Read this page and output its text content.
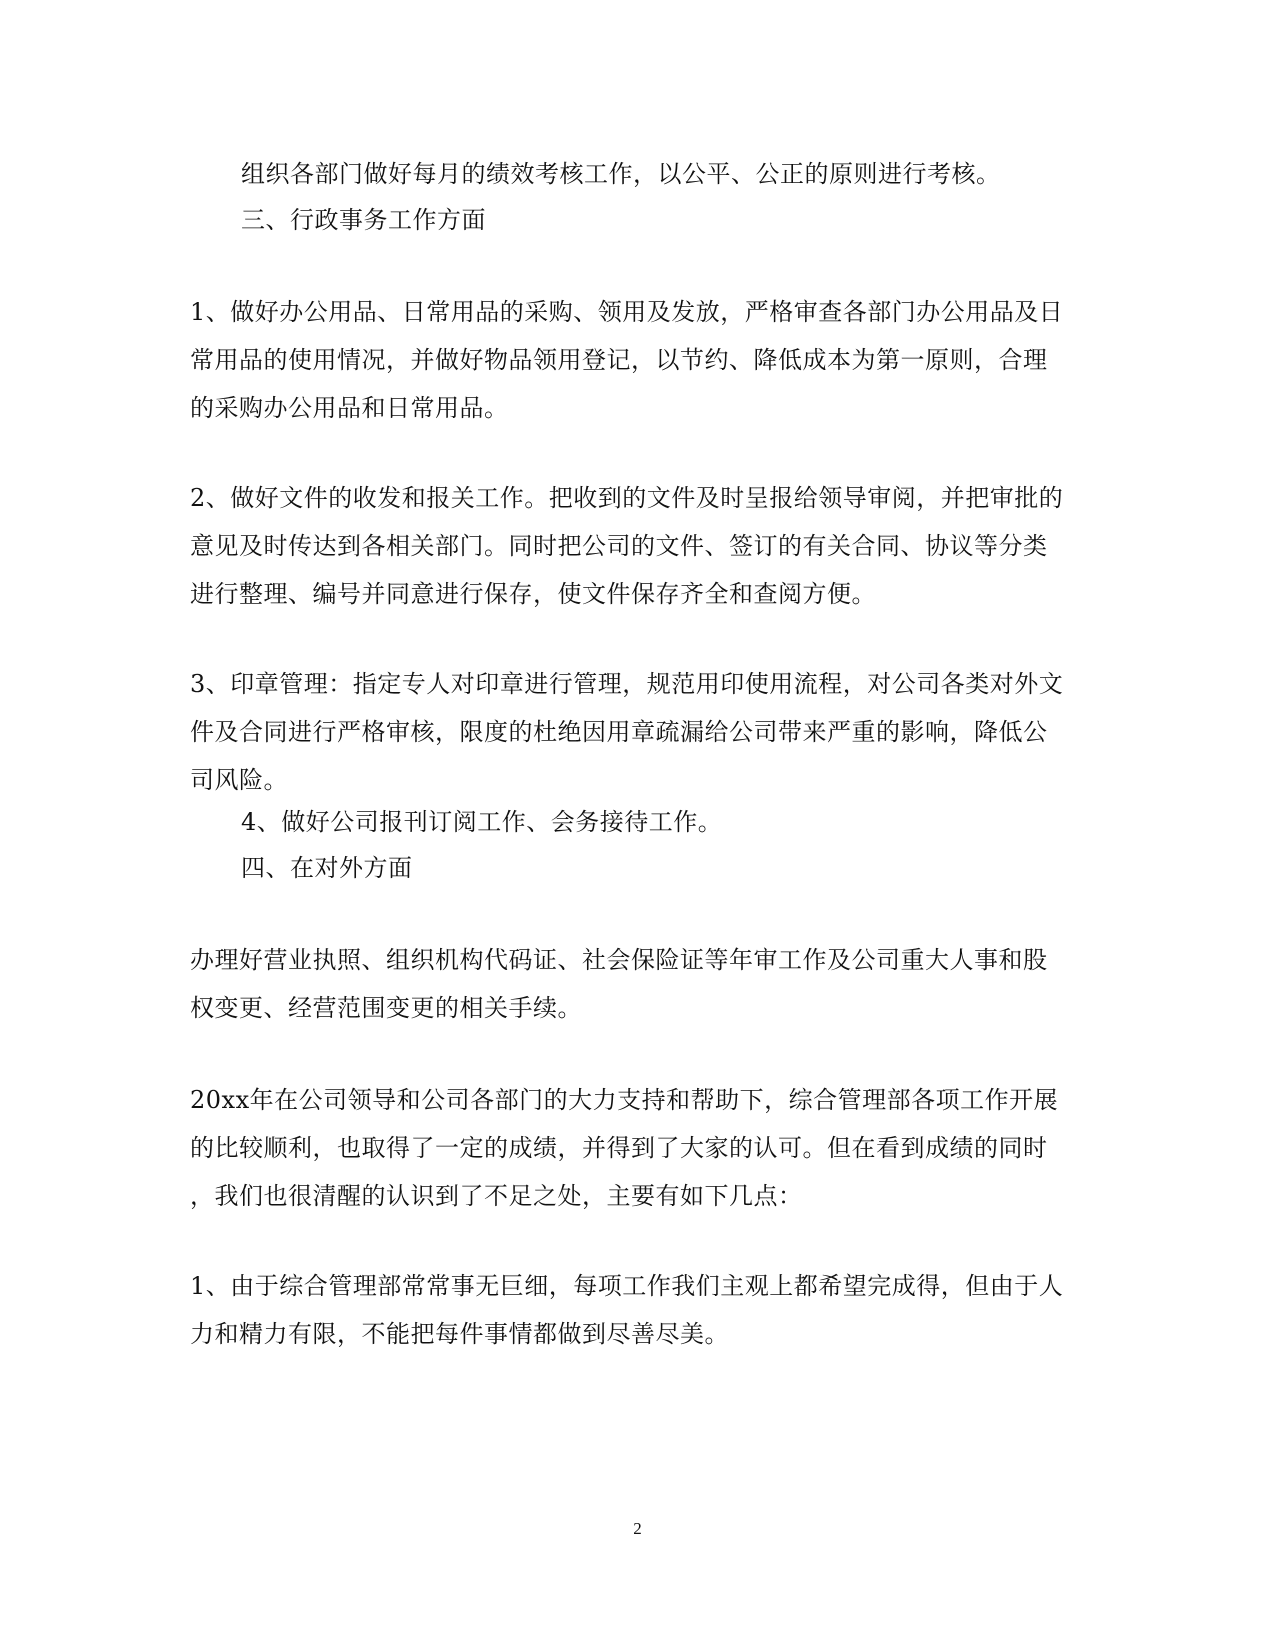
组织各部门做好每月的绩效考核工作，以公平、公正的原则进行考核。
三、行政事务工作方面
1、做好办公用品、日常用品的采购、领用及发放，严格审查各部门办公用品及日
常用品的使用情况，并做好物品领用登记，以节约、降低成本为第一原则，合理
的采购办公用品和日常用品。
2、做好文件的收发和报关工作。把收到的文件及时呈报给领导审阅，并把审批的
意见及时传达到各相关部门。同时把公司的文件、签订的有关合同、协议等分类
进行整理、编号并同意进行保存，使文件保存齐全和查阅方便。
3、印章管理：指定专人对印章进行管理，规范用印使用流程，对公司各类对外文
件及合同进行严格审核，限度的杜绝因用章疏漏给公司带来严重的影响，降低公
司风险。
4、做好公司报刊订阅工作、会务接待工作。
四、在对外方面
办理好营业执照、组织机构代码证、社会保险证等年审工作及公司重大人事和股
权变更、经营范围变更的相关手续。
20xx年在公司领导和公司各部门的大力支持和帮助下，综合管理部各项工作开展
的比较顺利，也取得了一定的成绩，并得到了大家的认可。但在看到成绩的同时
，我们也很清醒的认识到了不足之处，主要有如下几点：
1、由于综合管理部常常事无巨细，每项工作我们主观上都希望完成得，但由于人
力和精力有限，不能把每件事情都做到尽善尽美。
2
